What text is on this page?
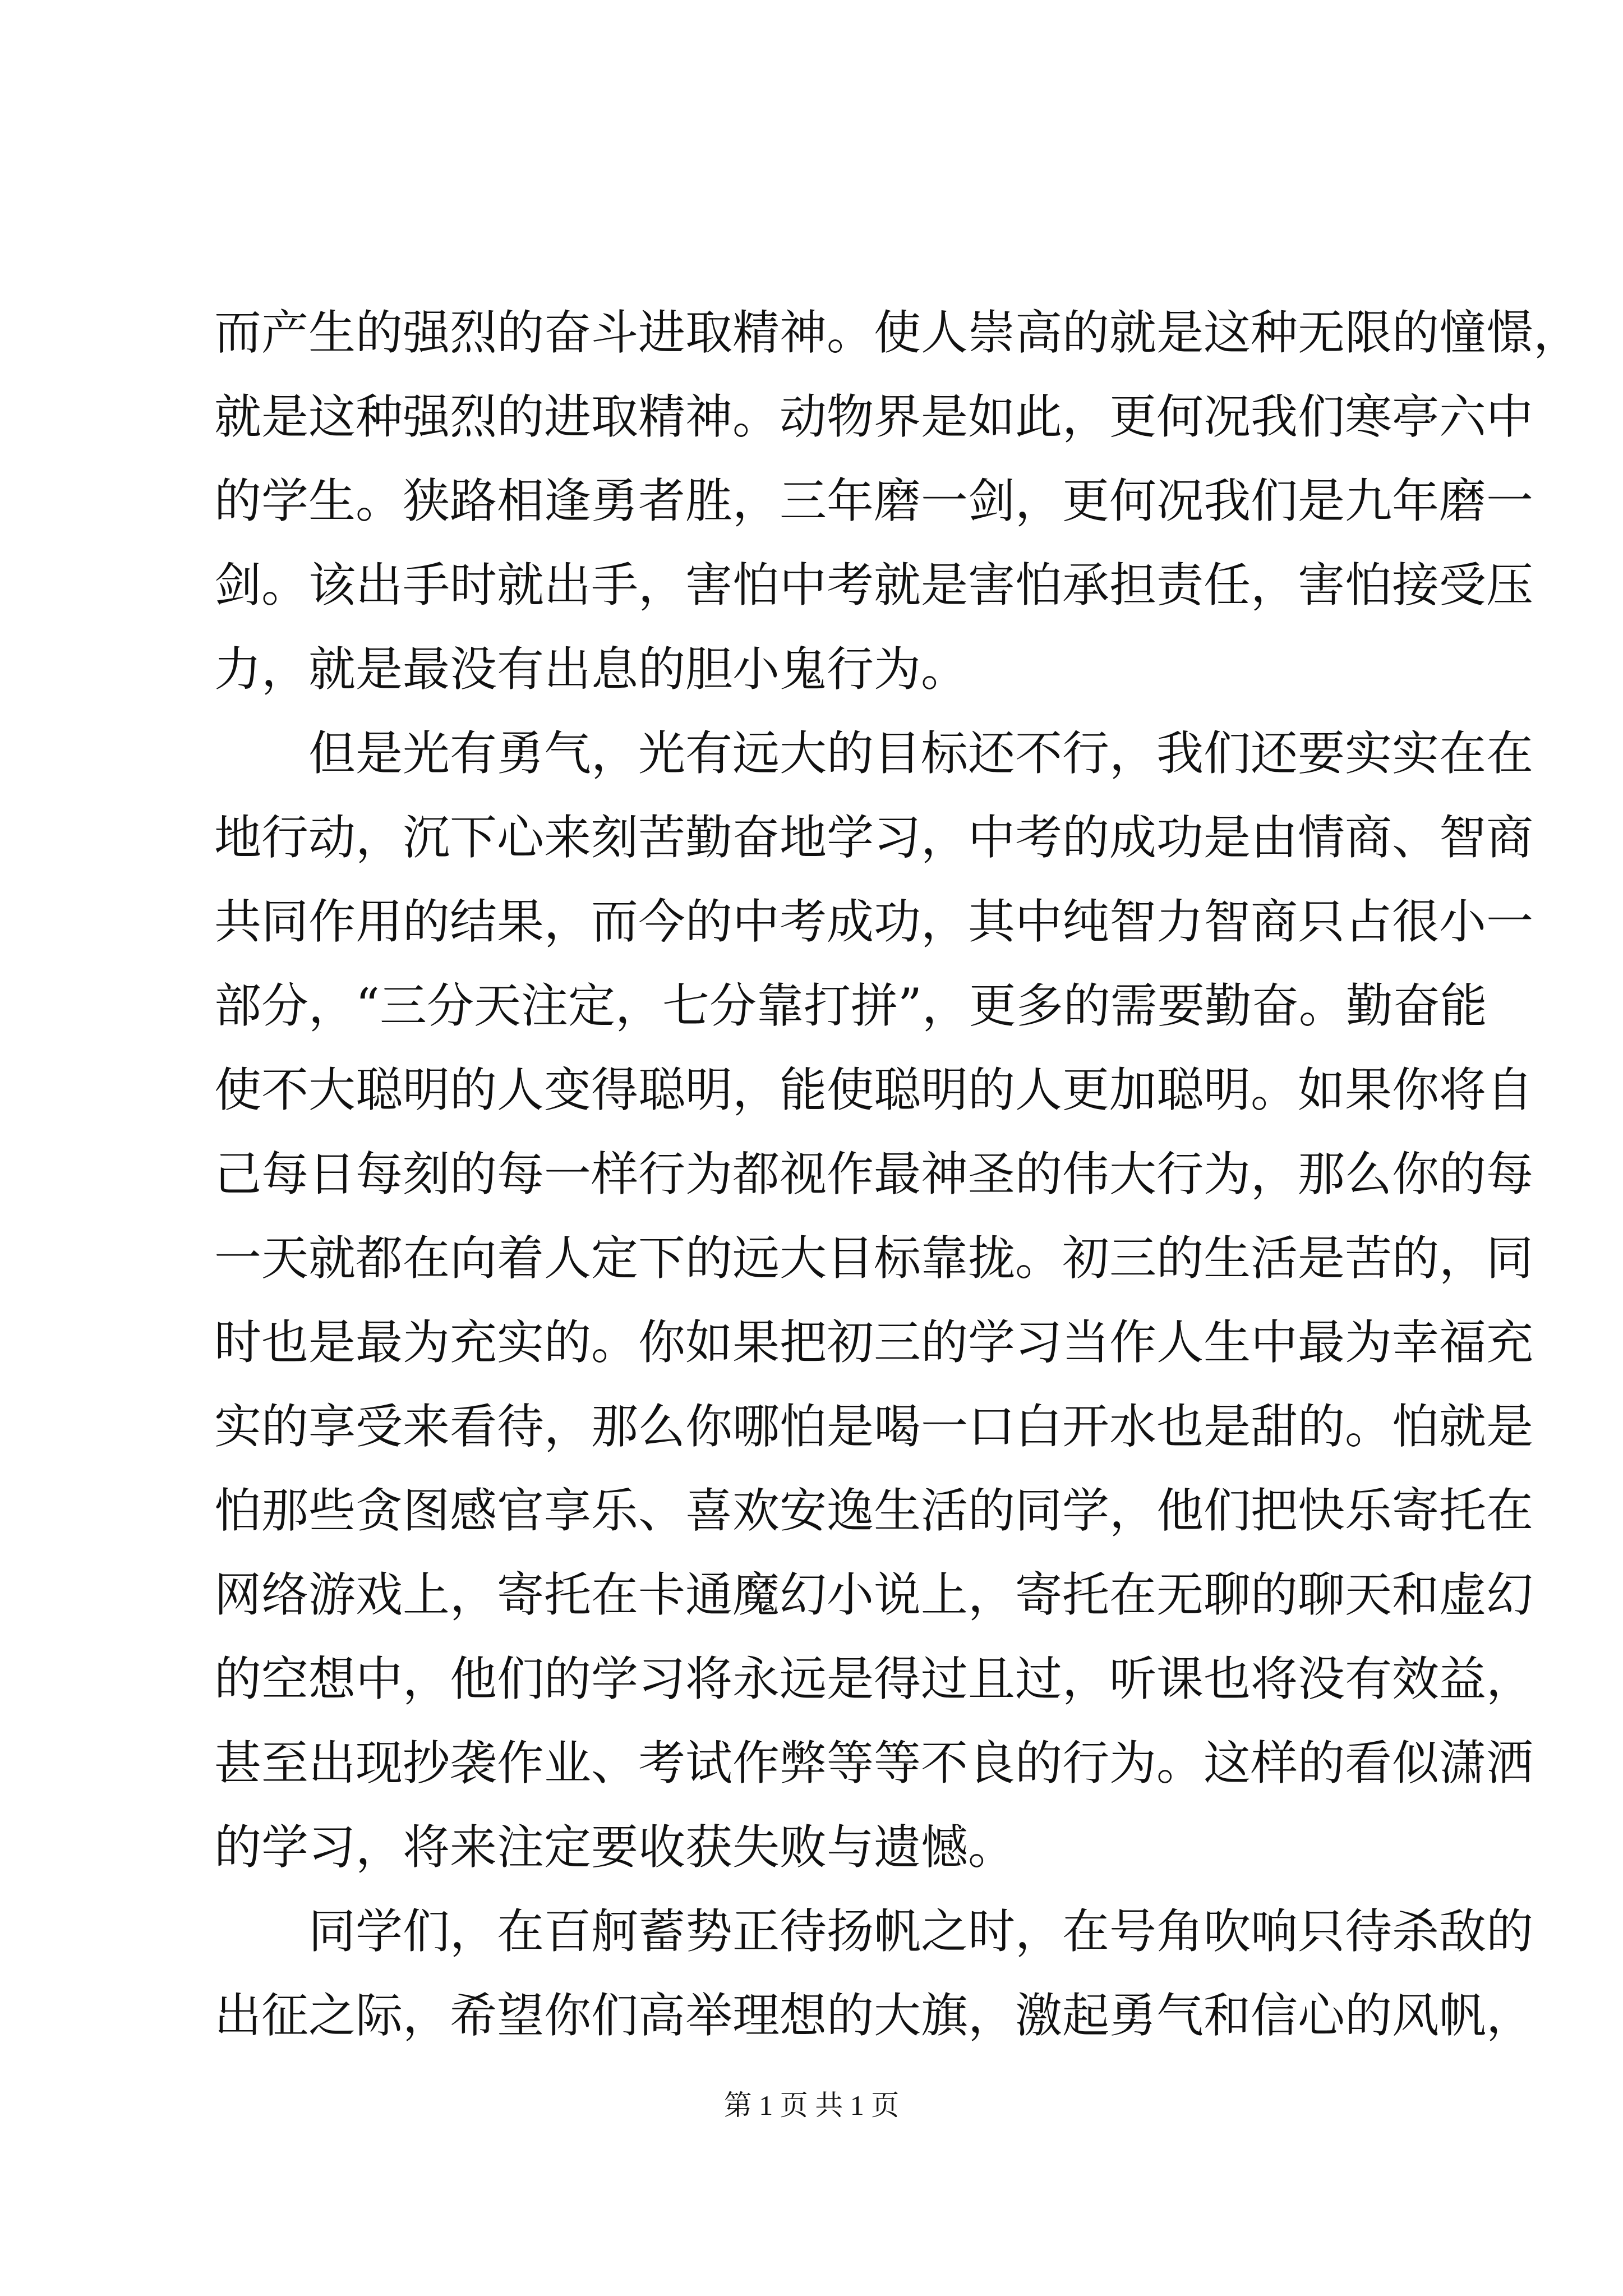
而产生的强烈的奋斗进取精神。使人崇高的就是这种无限的憧憬，
就是这种强烈的进取精神。动物界是如此，更何况我们寒亭六中
的学生。狭路相逢勇者胜，三年磨一剑，更何况我们是九年磨一
剑。该出手时就出手，害怕中考就是害怕承担责任，害怕接受压
力，就是最没有出息的胆小鬼行为。
　　但是光有勇气，光有远大的目标还不行，我们还要实实在在
地行动，沉下心来刻苦勤奋地学习，中考的成功是由情商、智商
共同作用的结果，而今的中考成功，其中纯智力智商只占很小一
部分，“三分天注定，七分靠打拼”，更多的需要勤奋。勤奋能
使不大聪明的人变得聪明，能使聪明的人更加聪明。如果你将自
己每日每刻的每一样行为都视作最神圣的伟大行为，那么你的每
一天就都在向着人定下的远大目标靠拢。初三的生活是苦的，同
时也是最为充实的。你如果把初三的学习当作人生中最为幸福充
实的享受来看待，那么你哪怕是喝一口白开水也是甜的。怕就是
怕那些贪图感官享乐、喜欢安逸生活的同学，他们把快乐寄托在
网络游戏上，寄托在卡通魔幻小说上，寄托在无聊的聊天和虚幻
的空想中，他们的学习将永远是得过且过，听课也将没有效益，
甚至出现抄袭作业、考试作弊等等不良的行为。这样的看似潇洒
的学习，将来注定要收获失败与遗憾。
　　同学们，在百舸蓄势正待扬帆之时，在号角吹响只待杀敌的
出征之际，希望你们高举理想的大旗，激起勇气和信心的风帆，
第 1 页 共 1 页
